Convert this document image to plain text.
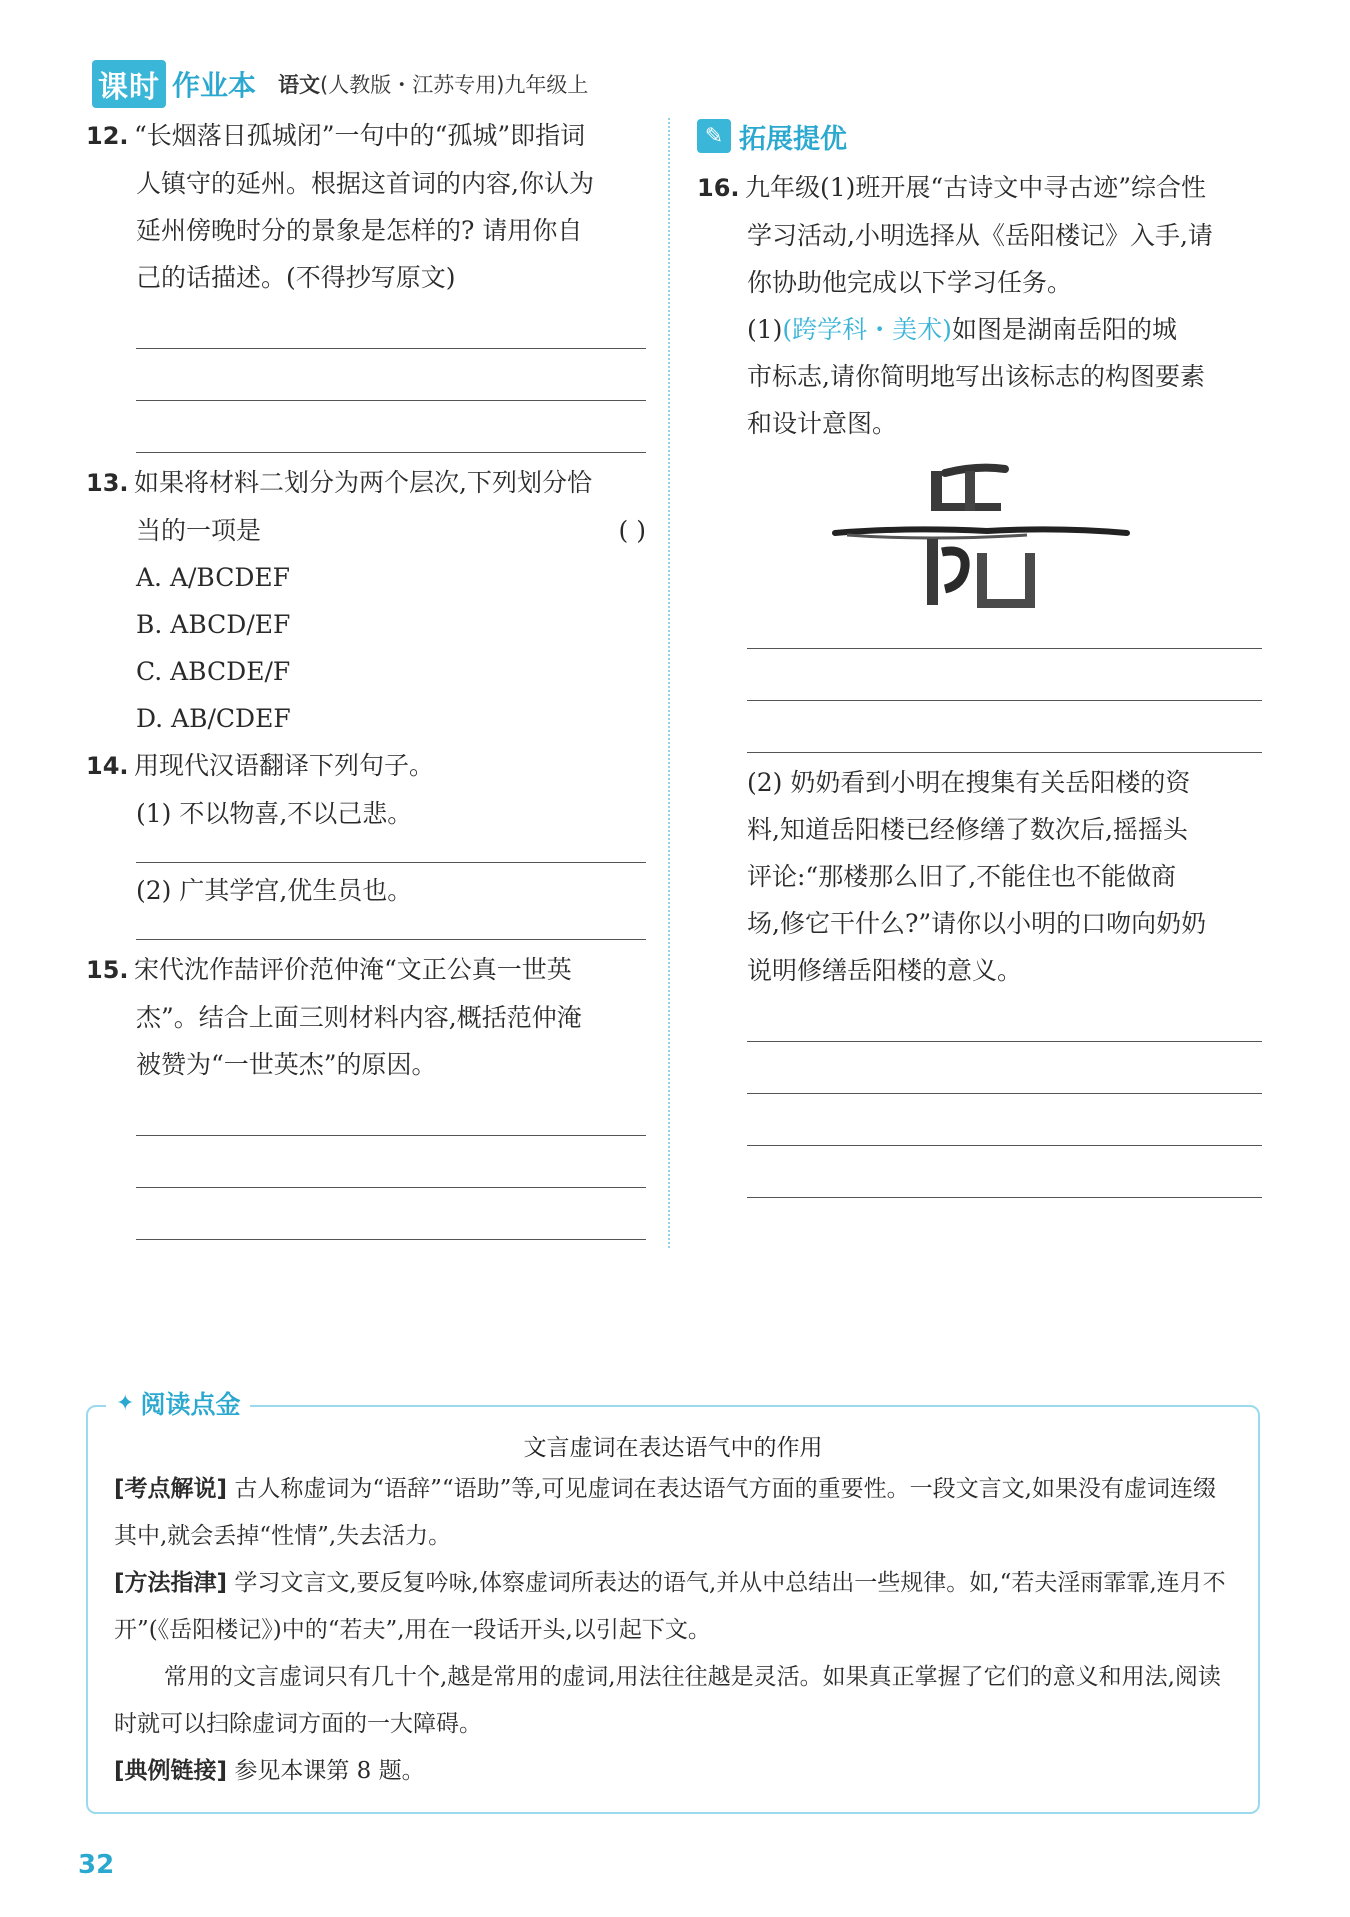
课时 作业本 语文(人教版・江苏专用)九年级上
12. “长烟落日孤城闭”一句中的“孤城”即指词
人镇守的延州。根据这首词的内容,你认为
延州傍晚时分的景象是怎样的? 请用你自
己的话描述。(不得抄写原文)
13. 如果将材料二划分为两个层次,下列划分恰
当的一项是	( )
A. A/BCDEF
B. ABCD/EF
C. ABCDE/F
D. AB/CDEF
14. 用现代汉语翻译下列句子。
(1) 不以物喜,不以己悲。
(2) 广其学宫,优生员也。
15. 宋代沈作喆评价范仲淹“文正公真一世英
杰”。结合上面三则材料内容,概括范仲淹
被赞为“一世英杰”的原因。
✎ 拓展提优
16. 九年级(1)班开展“古诗文中寻古迹”综合性
学习活动,小明选择从《岳阳楼记》入手,请
你协助他完成以下学习任务。
(1)(跨学科・美术)如图是湖南岳阳的城
市标志,请你简明地写出该标志的构图要素
和设计意图。
(2) 奶奶看到小明在搜集有关岳阳楼的资
料,知道岳阳楼已经修缮了数次后,摇摇头
评论:“那楼那么旧了,不能住也不能做商
场,修它干什么?”请你以小明的口吻向奶奶
说明修缮岳阳楼的意义。
✦ 阅读点金
文言虚词在表达语气中的作用
[考点解说] 古人称虚词为“语辞”“语助”等,可见虚词在表达语气方面的重要性。一段文言文,如果没有虚词连缀其中,就会丢掉“性情”,失去活力。
[方法指津] 学习文言文,要反复吟咏,体察虚词所表达的语气,并从中总结出一些规律。如,“若夫淫雨霏霏,连月不开”(《岳阳楼记》)中的“若夫”,用在一段话开头,以引起下文。
常用的文言虚词只有几十个,越是常用的虚词,用法往往越是灵活。如果真正掌握了它们的意义和用法,阅读时就可以扫除虚词方面的一大障碍。
[典例链接] 参见本课第 8 题。
32
